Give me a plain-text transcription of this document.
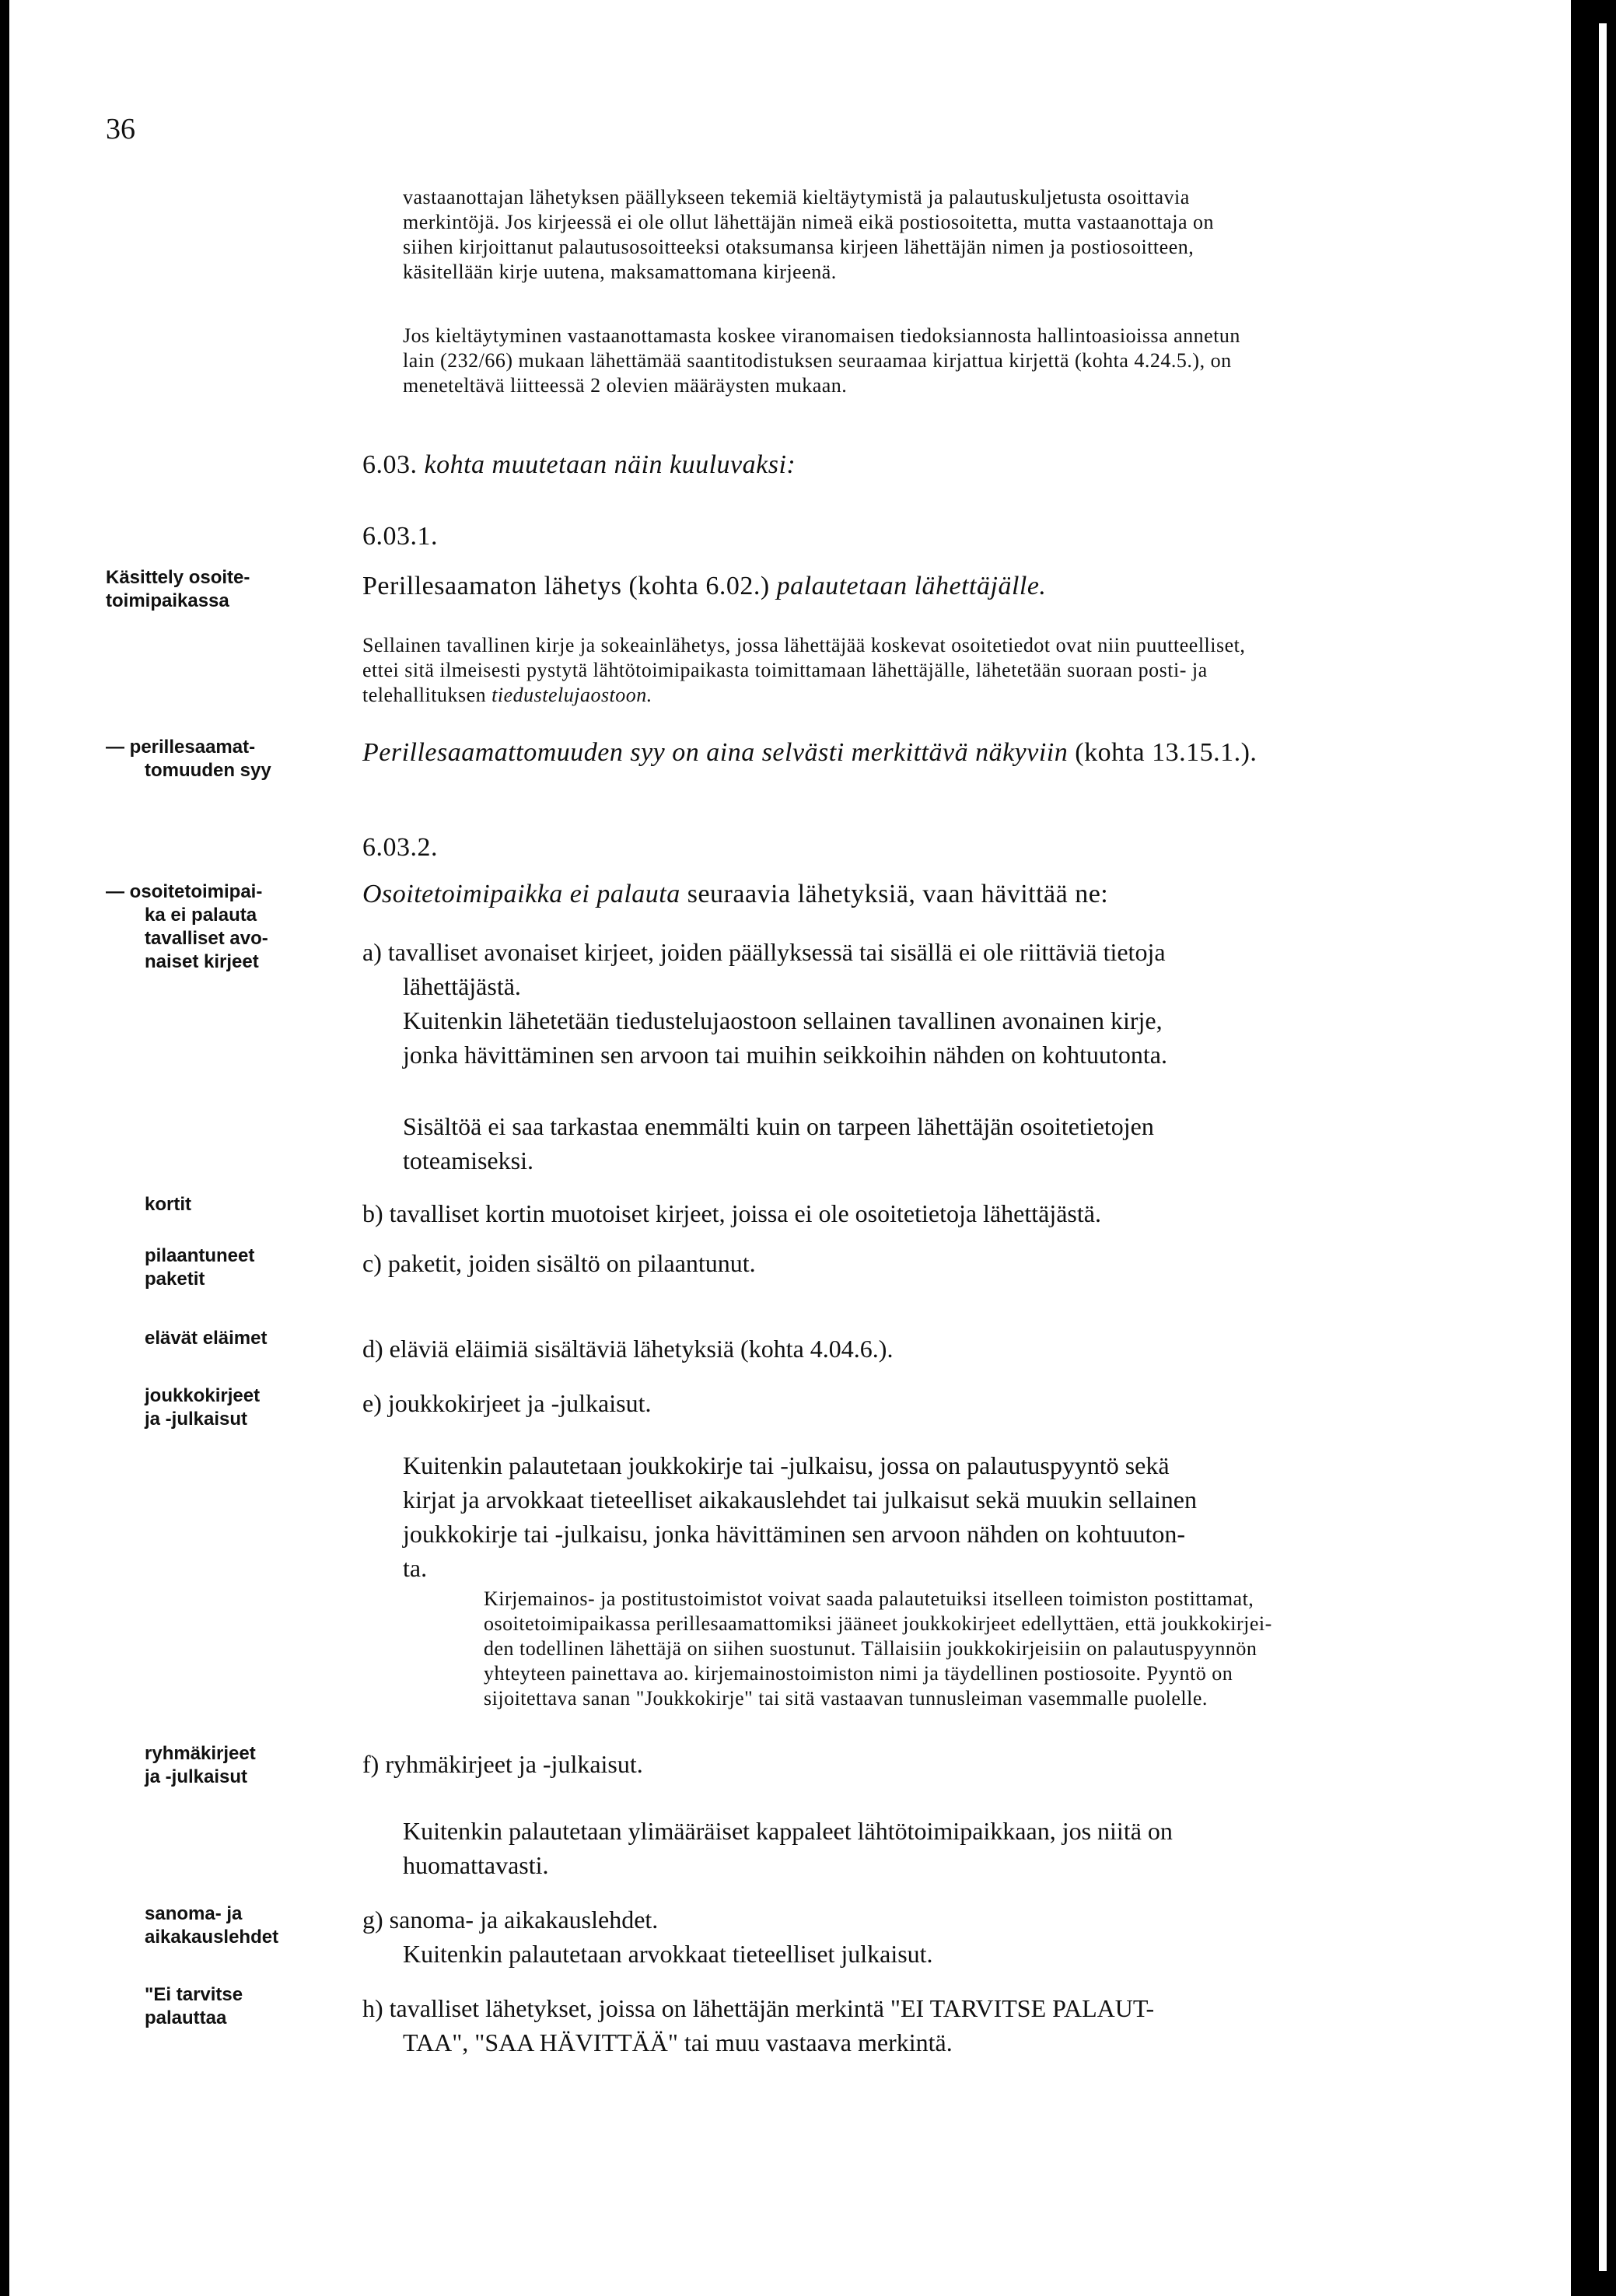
36

vastaanottajan lähetyksen päällykseen tekemiä kieltäytymistä ja palautuskuljetusta osoittavia

merkintöjä. Jos kirjeessä ei ole ollut lähettäjän nimeä eikä postiosoitetta, mutta vastaanottaja on

siihen kirjoittanut palautusosoitteeksi otaksumansa kirjeen lähettäjän nimen ja postiosoitteen,

käsitellään kirje uutena, maksamattomana kirjeenä.

Jos kieltäytyminen vastaanottamasta koskee viranomaisen tiedoksiannosta hallintoasioissa annetun

lain (232/66) mukaan lähettämää saantitodistuksen seuraamaa kirjattua kirjettä (kohta 4.24.5.), on

meneteltävä liitteessä 2 olevien määräysten mukaan.

6.03. kohta muutetaan näin kuuluvaksi:

6.03.1.

Perillesaamaton lähetys (kohta 6.02.) palautetaan lähettäjälle.

Sellainen tavallinen kirje ja sokeainlähetys, jossa lähettäjää koskevat osoitetiedot ovat niin puutteelliset,

ettei sitä ilmeisesti pystytä lähtötoimipaikasta toimittamaan lähettäjälle, lähetetään suoraan posti- ja

telehallituksen tiedustelujaostoon.

Perillesaamattomuuden syy on aina selvästi merkittävä näkyviin (kohta 13.15.1.).

6.03.2.

Osoitetoimipaikka ei palauta seuraavia lähetyksiä, vaan hävittää ne:

a) tavalliset avonaiset kirjeet, joiden päällyksessä tai sisällä ei ole riittäviä tietoja

lähettäjästä.

Kuitenkin lähetetään tiedustelujaostoon sellainen tavallinen avonainen kirje,

jonka hävittäminen sen arvoon tai muihin seikkoihin nähden on kohtuutonta.

Sisältöä ei saa tarkastaa enemmälti kuin on tarpeen lähettäjän osoitetietojen

toteamiseksi.

b) tavalliset kortin muotoiset kirjeet, joissa ei ole osoitetietoja lähettäjästä.

c) paketit, joiden sisältö on pilaantunut.

d) eläviä eläimiä sisältäviä lähetyksiä (kohta 4.04.6.).

e) joukkokirjeet ja -julkaisut.

Kuitenkin palautetaan joukkokirje tai -julkaisu, jossa on palautuspyyntö sekä

kirjat ja arvokkaat tieteelliset aikakauslehdet tai julkaisut sekä muukin sellainen

joukkokirje tai -julkaisu, jonka hävittäminen sen arvoon nähden on kohtuuton-

ta.

Kirjemainos- ja postitustoimistot voivat saada palautetuiksi itselleen toimiston postittamat,

osoitetoimipaikassa perillesaamattomiksi jääneet joukkokirjeet edellyttäen, että joukkokirjei-

den todellinen lähettäjä on siihen suostunut. Tällaisiin joukkokirjeisiin on palautuspyynnön

yhteyteen painettava ao. kirjemainostoimiston nimi ja täydellinen postiosoite. Pyyntö on

sijoitettava sanan "Joukkokirje" tai sitä vastaavan tunnusleiman vasemmalle puolelle.

f) ryhmäkirjeet ja -julkaisut.

Kuitenkin palautetaan ylimääräiset kappaleet lähtötoimipaikkaan, jos niitä on

huomattavasti.

g) sanoma- ja aikakauslehdet.

Kuitenkin palautetaan arvokkaat tieteelliset julkaisut.

h) tavalliset lähetykset, joissa on lähettäjän merkintä "EI TARVITSE PALAUT-

TAA", "SAA HÄVITTÄÄ" tai muu vastaava merkintä.

Käsittely osoite-

toimipaikassa

— perillesaamat-

tomuuden syy

— osoitetoimipai-

ka ei palauta

tavalliset avo-

naiset kirjeet

kortit

pilaantuneet

paketit

elävät eläimet

joukkokirjeet

ja -julkaisut

ryhmäkirjeet

ja -julkaisut

sanoma- ja

aikakauslehdet

"Ei tarvitse

palauttaa
